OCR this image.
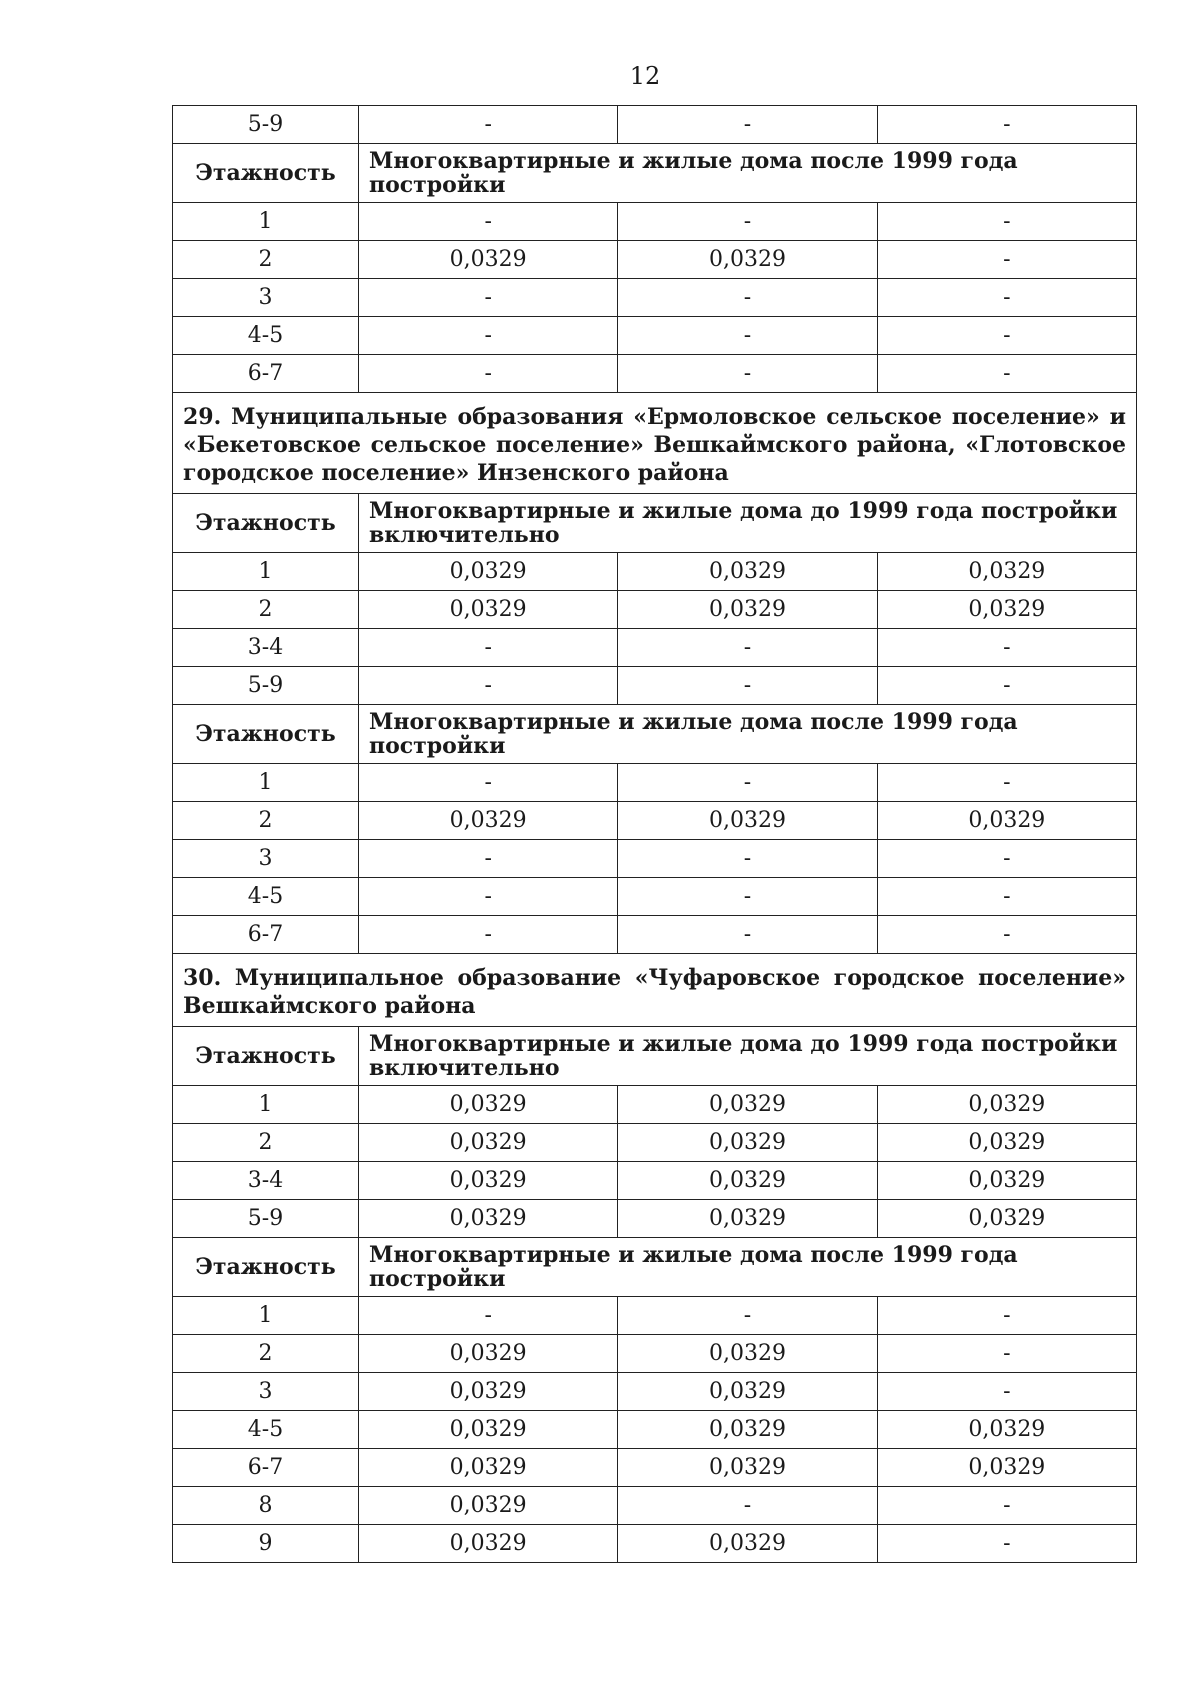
12
5-9	-	-	-
Этажность	Многоквартирные и жилые дома после 1999 года постройки		
1	-	-	-
2	0,0329	0,0329	-
3	-	-	-
4-5	-	-	-
6-7	-	-	-
29. Муниципальные образования «Ермоловское сельское поселение» и «Бекетовское сельское поселение» Вешкаймского района, «Глотовское городское поселение» Инзенского района			
Этажность	Многоквартирные и жилые дома до 1999 года постройки включительно		
1	0,0329	0,0329	0,0329
2	0,0329	0,0329	0,0329
3-4	-	-	-
5-9	-	-	-
Этажность	Многоквартирные и жилые дома после 1999 года постройки		
1	-	-	-
2	0,0329	0,0329	0,0329
3	-	-	-
4-5	-	-	-
6-7	-	-	-
30. Муниципальное образование «Чуфаровское городское поселение» Вешкаймского района			
Этажность	Многоквартирные и жилые дома до 1999 года постройки включительно		
1	0,0329	0,0329	0,0329
2	0,0329	0,0329	0,0329
3-4	0,0329	0,0329	0,0329
5-9	0,0329	0,0329	0,0329
Этажность	Многоквартирные и жилые дома после 1999 года постройки		
1	-	-	-
2	0,0329	0,0329	-
3	0,0329	0,0329	-
4-5	0,0329	0,0329	0,0329
6-7	0,0329	0,0329	0,0329
8	0,0329	-	-
9	0,0329	0,0329	-
